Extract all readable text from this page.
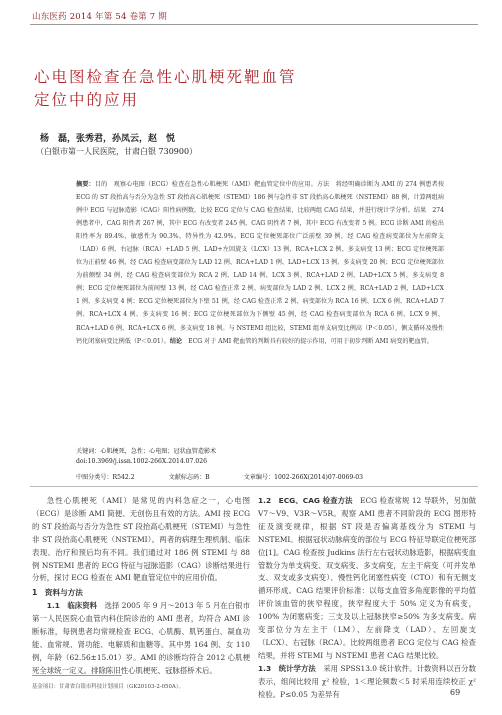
山东医药 2014 年第 54 卷第 7 期
心电图检查在急性心肌梗死靶血管
定位中的应用
杨　磊，张秀君，孙凤云，赵　悦
（白银市第一人民医院，甘肃白银 730900）

摘要：目的　观察心电图（ECG）检查在急性心肌梗死（AMI）靶血管定位中的应用。方法　将经明确诊断为 AMI 的 274 例患者按 ECG 的 ST 段抬高与否分为急性 ST 段抬高心肌梗死（STEMI）186 例与急性非 ST 段抬高心肌梗死（NSTEMI）88 例，计算两组病例中 ECG 与冠脉造影（CAG）阳性病例数，比较 ECG 定位与 CAG 检查结果，比较两组 CAG 结果，并进行统计学分析。结果　274 例患者中，CAG 阳性者 267 例，其中 ECG 有改变者 245 例，CAG 阴性者 7 例，其中 ECG 有改变者 5 例。ECG 诊断 AMI 的检出阳性率为 89.4%，敏感性为 90.3%，特异性为 42.9%。ECG 定位梗死部位广泛前壁 39 例，经 CAG 检查病变部位为左前降支（LAD）6 例、右冠脉（RCA）+LAD 5 例、LAD+左回旋支（LCX）13 例、RCA+LCX 2 例、多支病变 13 例；ECG 定位梗死部位为正前壁 46 例，经 CAG 检查病变部位为 LAD 12 例、RCA+LAD 1 例、LAD+LCX 13 例、多支病变 20 例；ECG 定位梗死部位为前侧壁 34 例，经 CAG 检查病变部位为 RCA 2 例、LAD 14 例、LCX 3 例、RCA+LAD 2 例、LAD+LCX 5 例、多支病变 8 例；ECG 定位梗死部位为前间壁 13 例，经 CAG 检查正常 2 例、病变部位为 LAD 2 例、LCX 2 例、RCA+LAD 2 例、LAD+LCX 1 例、多支病变 4 例；ECG 定位梗死部位为下壁 51 例，经 CAG 检查正常 2 例、病变部位为 RCA 16 例、LCX 6 例、RCA+LAD 7 例、RCA+LCX 4 例、多支病变 16 例；ECG 定位梗死部位为下侧壁 45 例，经 CAG 检查病变部位为 RCA 6 例、LCX 9 例、RCA+LAD 6 例、RCA+LCX 6 例、多支病变 18 例。与 NSTEMI 组比较，STEMI 组单支病变比例高（P＜0.05），侧支循环及慢性钙化闭塞病变比例低（P＜0.01）。结论　ECG 对于 AMI 靶血管的判断具有较好的提示作用，可用于初步判断 AMI 病变的靶血管。

关键词：心肌梗死，急性；心电图；冠状血管造影术
doi:10.3969/j.issn.1002-266X.2014.07.026
中图分类号：R542.2	文献标志码：B	文章编号：1002-266X(2014)07-0069-03

急性心肌梗死（AMI）是常见的内科急症之一，心电图（ECG）是诊断 AMI 简便、无创伤且有效的方法。AMI 按 ECG 的 ST 段抬高与否分为急性 ST 段抬高心肌梗死（STEMI）与急性非 ST 段抬高心肌梗死（NSTEMI）。两者的病理生理机制、临床表现、治疗和预后均有不同。我们通过对 186 例 STEMI 与 88 例 NSTEMI 患者的 ECG 特征与冠脉造影（CAG）诊断结果进行分析，探讨 ECG 检查在 AMI 靶血管定位中的应用价值。

1　资料与方法

1.1　临床资料　选择 2005 年 9 月～2013 年 5 月在白银市第一人民医院心血管内科住院诊治的 AMI 患者，均符合 AMI 诊断标准，每例患者均常规检查 ECG、心肌酶、肌钙蛋白、凝血功能、血常规、肾功能、电解质和血糖等。其中男 164 例、女 110 例，年龄（62.56±15.01）岁。AMI 的诊断均符合 2012 心肌梗死全球统一定义。排除陈旧性心肌梗死、冠脉搭桥术后。

1.2　ECG、CAG 检查方法　ECG 检查常规 12 导联外，另加做 V7～V9、V3R～V5R。观察 AMI 患者不同阶段的 ECG 图形特征及演变规律，根据 ST 段是否偏离基线分为 STEMI 与 NSTEMI。根据冠状动脉病变的部位与 ECG 特征导联定位梗死部位[1]。CAG 检查按 Judkins 法行左右冠状动脉造影，根据病变血管数分为单支病变、双支病变、多支病变，左主干病变（可并发单支、双支或多支病变）、慢性钙化闭塞性病变（CTO）和有无侧支循环形成。CAG 结果评价标准：以每支血管多角度影像的平均值评价该血管的狭窄程度，狭窄程度大于 50% 定义为有病变，100% 为闭塞病变；三支及以上冠脉狭窄≥50% 为多支病变。病变部位分为左主干（LM）、左前降支（LAD）、左回旋支（LCX）、右冠脉（RCA）。比较两组患者 ECG 定位与 CAG 检查结果，并将 STEMI 与 NSTEMI 患者 CAG 结果比较。

1.3　统计学方法　采用 SPSS13.0 统计软件。计数资料以百分数表示，组间比较用 χ² 检验，1＜理论频数＜5 时采用连续校正 χ² 检验。P≤0.05 为差异有

基金项目：甘肃省白银市科技计划项目（GK20103-2-050A）。
69
